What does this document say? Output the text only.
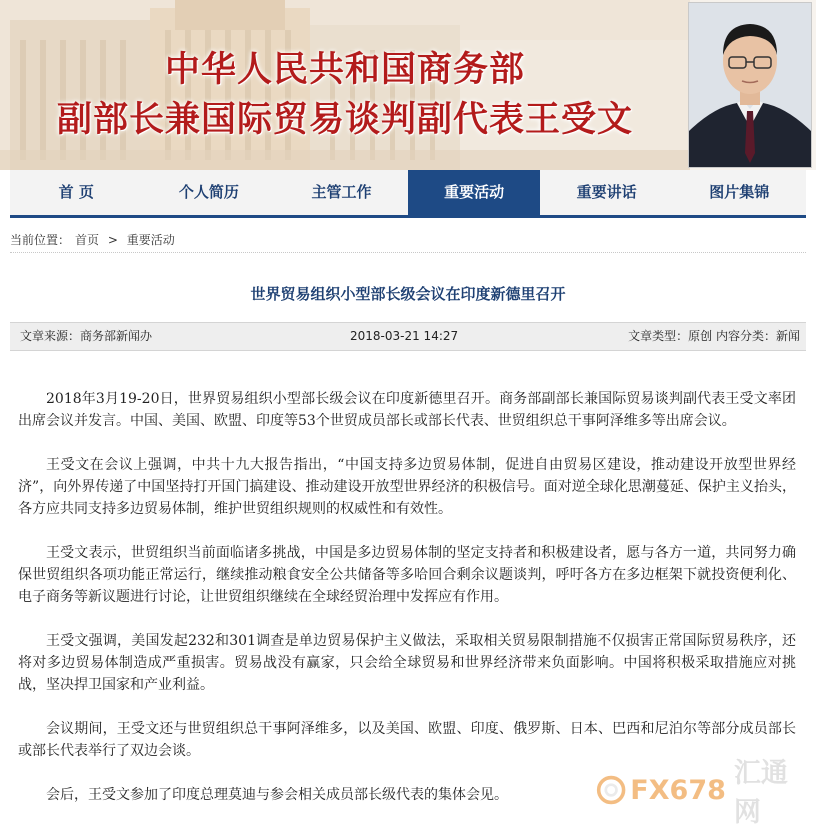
中华人民共和国商务部
副部长兼国际贸易谈判副代表王受文
首 页	个人简历	主管工作	重要活动	重要讲话	图片集锦
当前位置： 首页 > 重要活动
世界贸易组织小型部长级会议在印度新德里召开
文章来源：商务部新闻办	2018-03-21 14:27	文章类型：原创 内容分类：新闻

2018年3月19-20日，世界贸易组织小型部长级会议在印度新德里召开。商务部副部长兼国际贸易谈判副代表王受文率团出席会议并发言。中国、美国、欧盟、印度等53个世贸成员部长或部长代表、世贸组织总干事阿泽维多等出席会议。

王受文在会议上强调，中共十九大报告指出，“中国支持多边贸易体制，促进自由贸易区建设，推动建设开放型世界经济”，向外界传递了中国坚持打开国门搞建设、推动建设开放型世界经济的积极信号。面对逆全球化思潮蔓延、保护主义抬头，各方应共同支持多边贸易体制，维护世贸组织规则的权威性和有效性。

王受文表示，世贸组织当前面临诸多挑战，中国是多边贸易体制的坚定支持者和积极建设者，愿与各方一道，共同努力确保世贸组织各项功能正常运行，继续推动粮食安全公共储备等多哈回合剩余议题谈判，呼吁各方在多边框架下就投资便利化、电子商务等新议题进行讨论，让世贸组织继续在全球经贸治理中发挥应有作用。

王受文强调，美国发起232和301调查是单边贸易保护主义做法，采取相关贸易限制措施不仅损害正常国际贸易秩序，还将对多边贸易体制造成严重损害。贸易战没有赢家，只会给全球贸易和世界经济带来负面影响。中国将积极采取措施应对挑战，坚决捍卫国家和产业利益。

会议期间，王受文还与世贸组织总干事阿泽维多，以及美国、欧盟、印度、俄罗斯、日本、巴西和尼泊尔等部分成员部长或部长代表举行了双边会谈。

会后，王受文参加了印度总理莫迪与参会相关成员部长级代表的集体会见。	FX678
汇通网
